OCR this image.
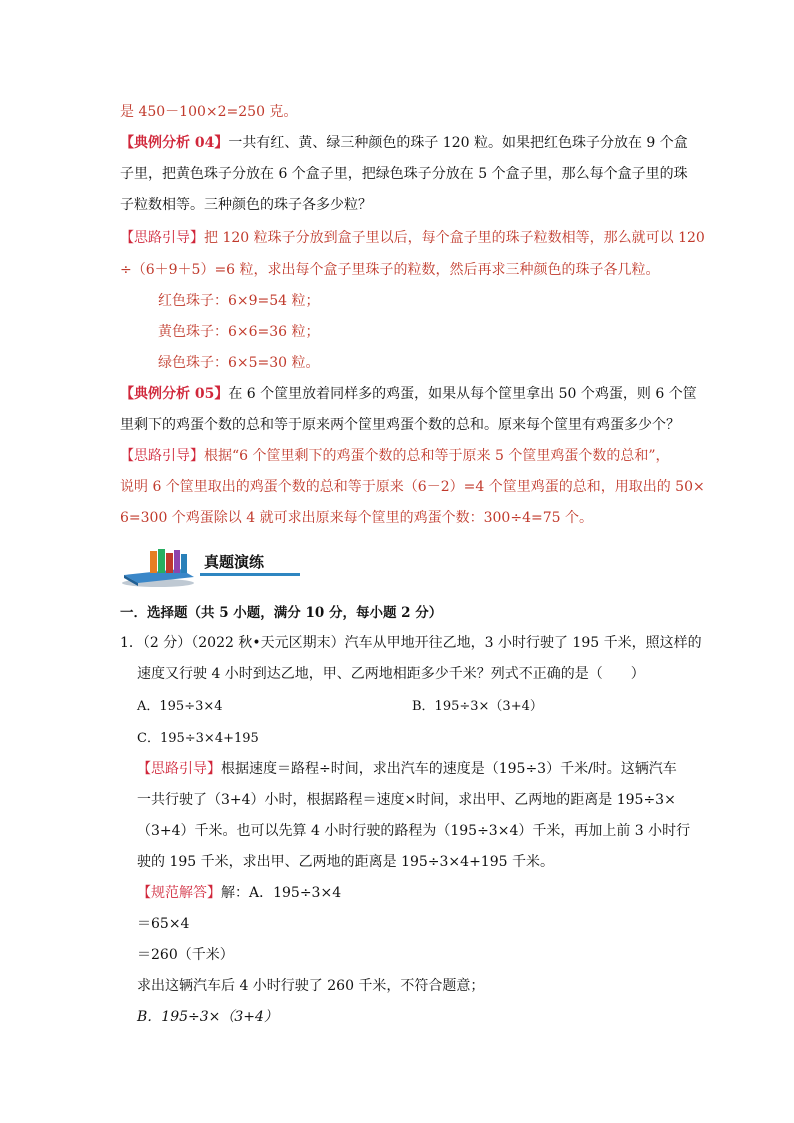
是 450－100×2=250 克。
【典例分析 04】一共有红、黄、绿三种颜色的珠子 120 粒。如果把红色珠子分放在 9 个盒
子里，把黄色珠子分放在 6 个盒子里，把绿色珠子分放在 5 个盒子里，那么每个盒子里的珠
子粒数相等。三种颜色的珠子各多少粒？
【思路引导】把 120 粒珠子分放到盒子里以后，每个盒子里的珠子粒数相等，那么就可以 120
÷（6＋9＋5）=6 粒，求出每个盒子里珠子的粒数，然后再求三种颜色的珠子各几粒。
红色珠子：6×9=54 粒；
黄色珠子：6×6=36 粒；
绿色珠子：6×5=30 粒。
【典例分析 05】在 6 个筐里放着同样多的鸡蛋，如果从每个筐里拿出 50 个鸡蛋，则 6 个筐
里剩下的鸡蛋个数的总和等于原来两个筐里鸡蛋个数的总和。原来每个筐里有鸡蛋多少个？
【思路引导】根据“6 个筐里剩下的鸡蛋个数的总和等于原来 5 个筐里鸡蛋个数的总和”，
说明 6 个筐里取出的鸡蛋个数的总和等于原来（6－2）=4 个筐里鸡蛋的总和，用取出的 50×
6=300 个鸡蛋除以 4 就可求出原来每个筐里的鸡蛋个数：300÷4=75 个。
真题演练
一．选择题（共 5 小题，满分 10 分，每小题 2 分）
1．（2 分）（2022 秋•天元区期末）汽车从甲地开往乙地，3 小时行驶了 195 千米，照这样的
速度又行驶 4 小时到达乙地，甲、乙两地相距多少千米？列式不正确的是（　　）
A．195÷3×4	B．195÷3×（3+4）
C．195÷3×4+195
【思路引导】根据速度＝路程÷时间，求出汽车的速度是（195÷3）千米/时。这辆汽车
一共行驶了（3+4）小时，根据路程＝速度×时间，求出甲、乙两地的距离是 195÷3×
（3+4）千米。也可以先算 4 小时行驶的路程为（195÷3×4）千米，再加上前 3 小时行
驶的 195 千米，求出甲、乙两地的距离是 195÷3×4+195 千米。
【规范解答】解：A．195÷3×4
＝65×4
＝260（千米）
求出这辆汽车后 4 小时行驶了 260 千米，不符合题意；
B．195÷3×（3+4）
